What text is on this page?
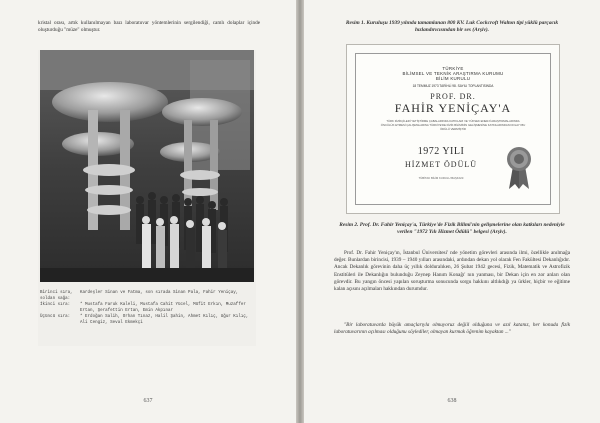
kristal orası, artık kullanılmayan bazı laboratuvar yöntemlerinin sergilendiği, camlı dolaplar içinde oluşturduğu "müze" olmuştur.

Birinci sıra, soldan sağa:
Kardeşler Sinan ve Fatma, son sırada Sinan Pala, Fahir Yeniçay,
İkinci sıra:	* Mustafa Faruk Kaleli, Mustafa Cahit Yücel, Müfit Erkın, Muzaffer Ertan, Şerafettin Ertan, Emin Akpınar
Üçüncü sıra:	* Erdoğan Salih, Orhan Tınaz, Halil Şahin, Ahmet Kılıç, Uğur Kılıç, Ali Cengiz, Seval Ekmekçi
637
Resim 1. Kuruluşu 1939 yılında tamamlanan 800 KV. Luk Cockcroft Walton tipi yüklü parçacık hızlandırıcısından bir ses (Arşiv).

TÜRKİYE

BİLİMSEL VE TEKNİK ARAŞTIRMA KURUMU

BİLİM KURULU

18 TEMMUZ 1973 TARİHLİ 98. SAYILI TOPLANTISINDA

PROF. DR.

FAHİR YENİÇAY'A

TÜRK FİZİKÇİLERİ YETİŞTİRME ÇABALARINDA KATKILARI VE YÜKSEK ENERJİ ARAŞTIRMALARINDA ÖNCÜLÜK ETMESİ ÇALIŞMALARINA TÜRKİYE'DE FİZİK BİLİMİNİN GELİŞMESİNE KATKILARINDAN DOLAYI BU ÖDÜLÜ VERMİŞTİR

1972 YILI

HİZMET ÖDÜLÜ

TÜBİTAK BİLİM KURULU BAŞKANI

Resim 2. Prof. Dr. Fahir Yeniçay'a, Türkiye'de Fizik Bilimi'nin gelişmelerine olan katkıları nedeniyle verilen "1972 Yılı Hizmet Ödülü" belgesi (Arşiv).

Prof. Dr. Fahir Yeniçay'ın, İstanbul Üniversitesi' nde yönetim görevleri arasında ilmi, özellikle anılmağa değer. Bunlardan birincisi, 1939 – 1940 yılları arasındaki, ardından dekan yol olarak Fen Fakültesi Dekanlığıdır. Ancak Dekanlık görevinin daha üç yıllık dolduralıken, 26 Şubat 1942 gecesi, Fizik, Matematik ve Astrofizik Enstitüleri ile Dekanlığın bulunduğu Zeynep Hanım Konağı' nın yanması, bir Dekan için en zor anları olan görevdir. Bu yangın öncesi yapılan soruşturma sonucunda sorgu hakkını altlıkdığı ya ürkler, hiçbir ve eğitime kalan açısını açılmaları hakkından durumdur.

"Bir laboratuvarda büyük amaçlarıyla olmuyoruz değiil olduğuna ve azıl katanız, her konuda fizik laboratuvarının açılması olduğunu söylediler, olmayan kurmak öğrenim kayaktan ..."

638
